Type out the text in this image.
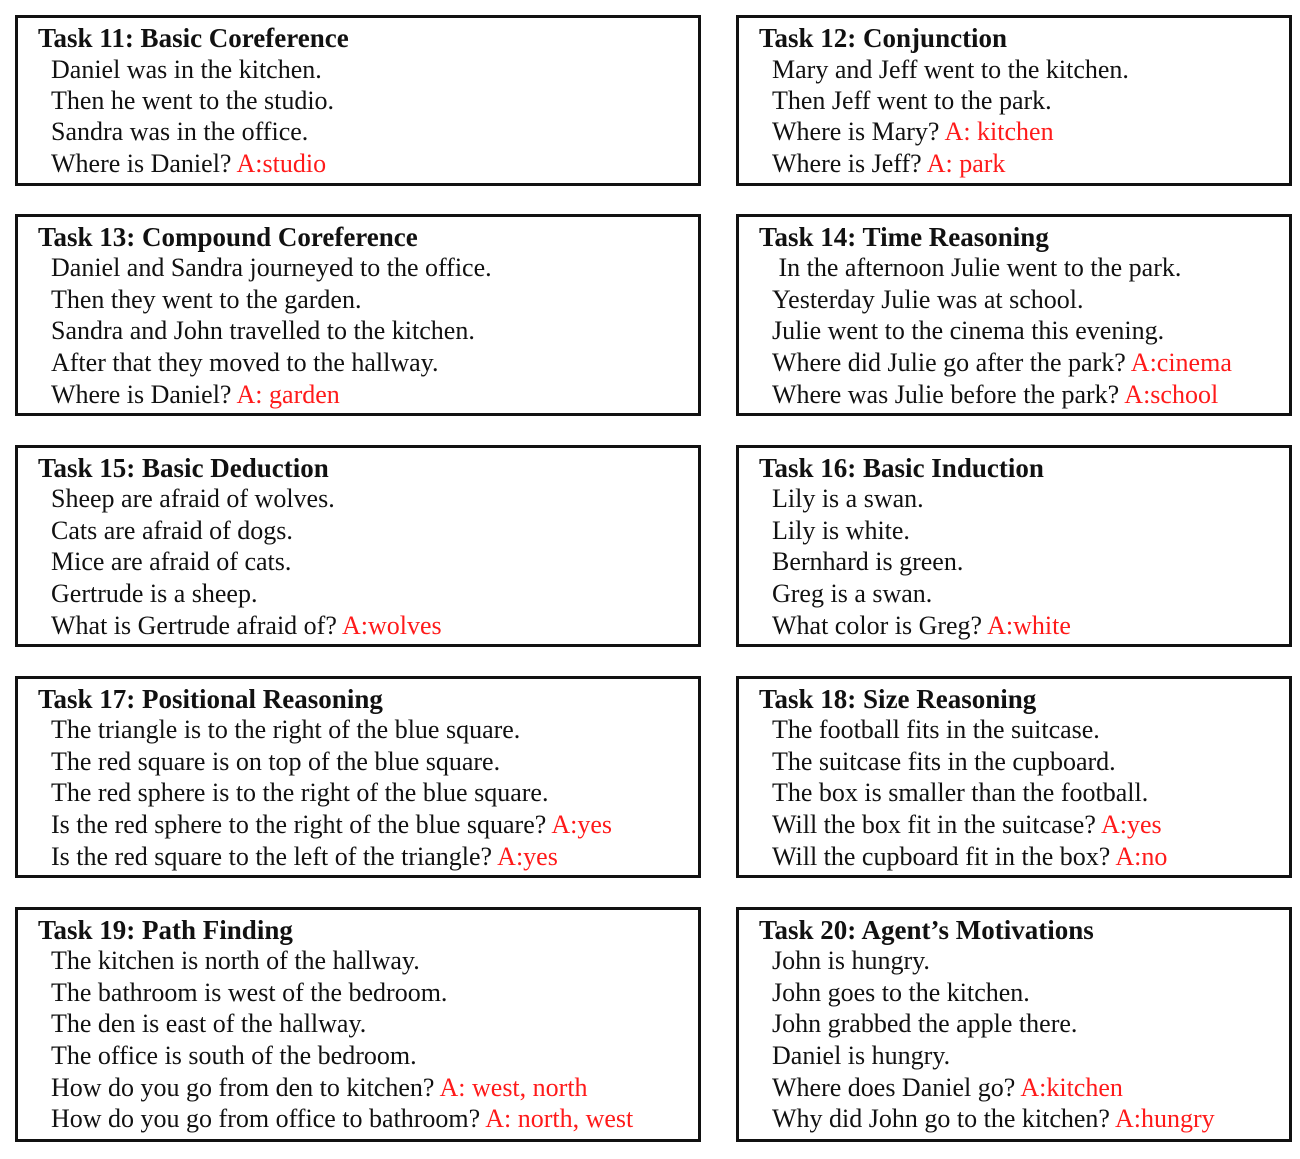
Task 11: Basic Coreference
Daniel was in the kitchen.
Then he went to the studio.
Sandra was in the office.
Where is Daniel? A:studio
Task 12: Conjunction
Mary and Jeff went to the kitchen.
Then Jeff went to the park.
Where is Mary? A: kitchen
Where is Jeff? A: park
Task 13: Compound Coreference
Daniel and Sandra journeyed to the office.
Then they went to the garden.
Sandra and John travelled to the kitchen.
After that they moved to the hallway.
Where is Daniel? A: garden
Task 14: Time Reasoning
In the afternoon Julie went to the park.
Yesterday Julie was at school.
Julie went to the cinema this evening.
Where did Julie go after the park? A:cinema
Where was Julie before the park? A:school
Task 15: Basic Deduction
Sheep are afraid of wolves.
Cats are afraid of dogs.
Mice are afraid of cats.
Gertrude is a sheep.
What is Gertrude afraid of? A:wolves
Task 16: Basic Induction
Lily is a swan.
Lily is white.
Bernhard is green.
Greg is a swan.
What color is Greg? A:white
Task 17: Positional Reasoning
The triangle is to the right of the blue square.
The red square is on top of the blue square.
The red sphere is to the right of the blue square.
Is the red sphere to the right of the blue square? A:yes
Is the red square to the left of the triangle? A:yes
Task 18: Size Reasoning
The football fits in the suitcase.
The suitcase fits in the cupboard.
The box is smaller than the football.
Will the box fit in the suitcase? A:yes
Will the cupboard fit in the box? A:no
Task 19: Path Finding
The kitchen is north of the hallway.
The bathroom is west of the bedroom.
The den is east of the hallway.
The office is south of the bedroom.
How do you go from den to kitchen? A: west, north
How do you go from office to bathroom? A: north, west
Task 20: Agent’s Motivations
John is hungry.
John goes to the kitchen.
John grabbed the apple there.
Daniel is hungry.
Where does Daniel go? A:kitchen
Why did John go to the kitchen? A:hungry
